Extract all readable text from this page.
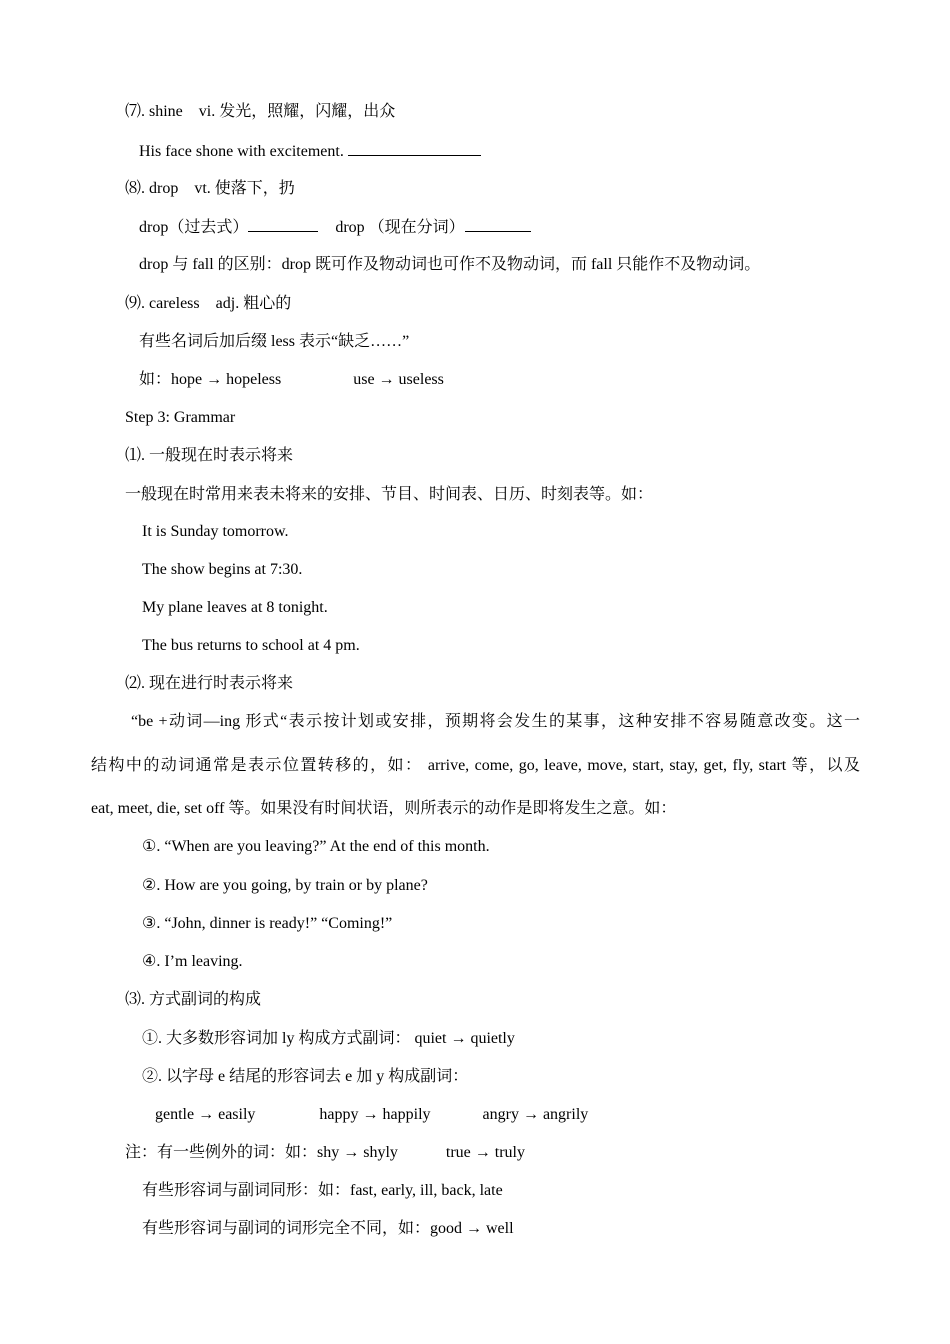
⑺. shine vi. 发光，照耀，闪耀，出众
His face shone with excitement.
⑻. drop vt. 使落下，扔
drop（过去式）	drop （现在分词）
drop 与 fall 的区别：drop 既可作及物动词也可作不及物动词，而 fall 只能作不及物动词。
⑼. careless adj. 粗心的
有些名词后加后缀 less 表示“缺乏……”
如：hope → hopeless	use → useless
Step 3: Grammar
⑴. 一般现在时表示将来
一般现在时常用来表未将来的安排、节目、时间表、日历、时刻表等。如：
It is Sunday tomorrow.
The show begins at 7:30.
My plane leaves at 8 tonight.
The bus returns to school at 4 pm.
⑵. 现在进行时表示将来
“be +动词—ing 形式“表示按计划或安排，预期将会发生的某事，这种安排不容易随意改变。这一
结构中的动词通常是表示位置转移的，如： arrive, come, go, leave, move, start, stay, get, fly, start 等，以及
eat, meet, die, set off 等。如果没有时间状语，则所表示的动作是即将发生之意。如：
①. “When are you leaving?” At the end of this month.
②. How are you going, by train or by plane?
③. “John, dinner is ready!” “Coming!”
④. I’m leaving.
⑶. 方式副词的构成
①. 大多数形容词加 ly 构成方式副词： quiet → quietly
②. 以字母 e 结尾的形容词去 e 加 y 构成副词：
gentle → easily	happy → happily	angry → angrily
注：有一些例外的词：如：shy → shyly	true → truly
有些形容词与副词同形：如：fast, early, ill, back, late
有些形容词与副词的词形完全不同，如：good → well
